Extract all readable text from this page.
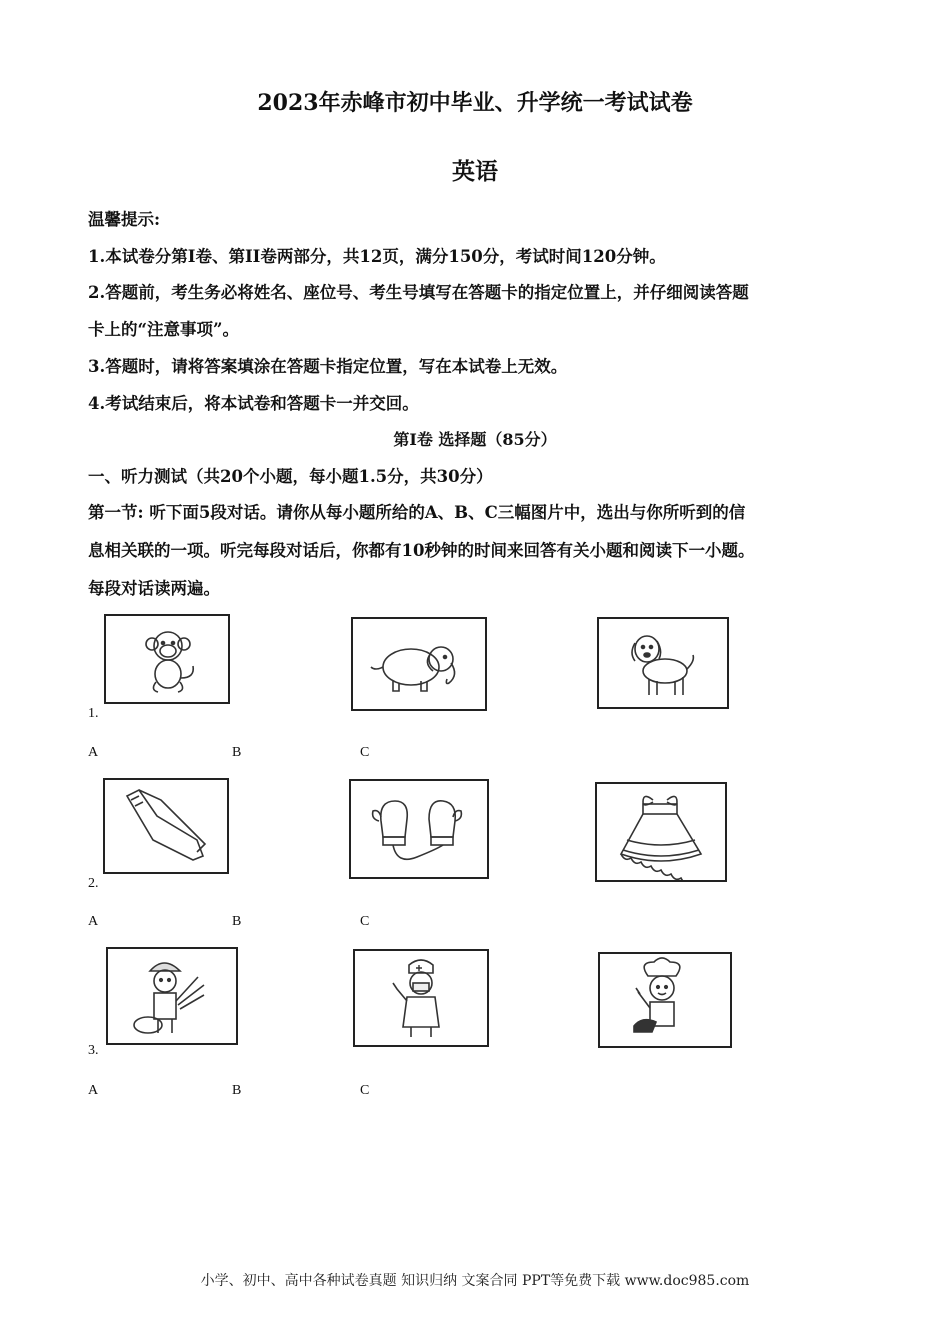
2023年赤峰市初中毕业、升学统一考试试卷
英语
温馨提示:
1.本试卷分第Ⅰ卷、第ⅠⅠ卷两部分，共12页，满分150分，考试时间120分钟。
2.答题前，考生务必将姓名、座位号、考生号填写在答题卡的指定位置上，并仔细阅读答题
卡上的“注意事项”。
3.答题时，请将答案填涂在答题卡指定位置，写在本试卷上无效。
4.考试结束后，将本试卷和答题卡一并交回。
第Ⅰ卷 选择题（85分）
一、听力测试（共20个小题，每小题1.5分，共30分）
第一节: 听下面5段对话。请你从每小题所给的A、B、C三幅图片中，选出与你所听到的信
息相关联的一项。听完每段对话后，你都有10秒钟的时间来回答有关小题和阅读下一小题。
每段对话读两遍。
1.
A	B	C
2.
A	B	C
3.
A	B	C
小学、初中、高中各种试卷真题 知识归纳 文案合同 PPT等免费下载 www.doc985.com
